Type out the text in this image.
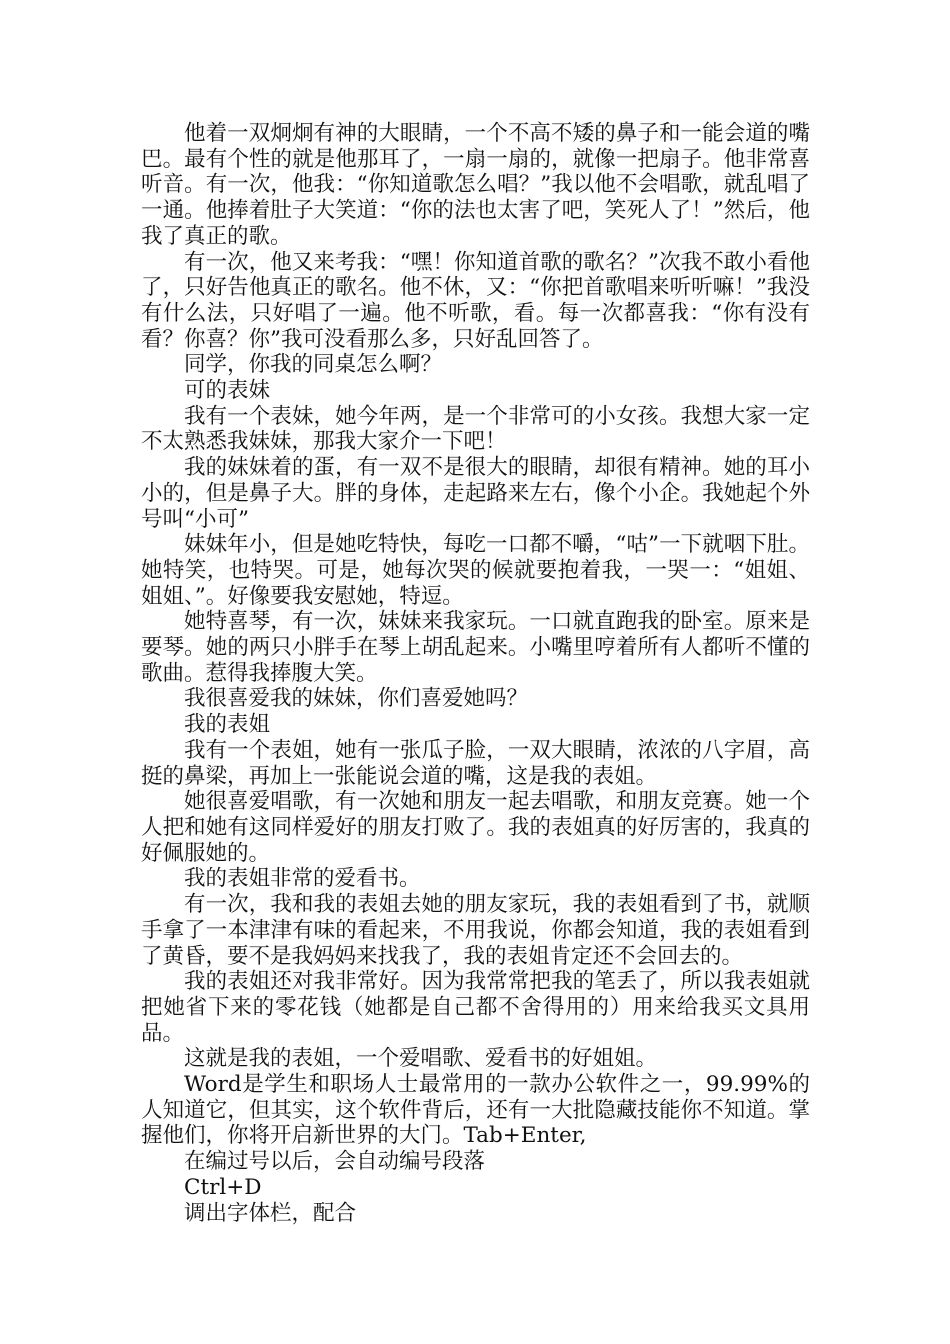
他着一双炯炯有神的大眼睛，一个不高不矮的鼻子和一能会道的嘴巴。最有个性的就是他那耳了，一扇一扇的，就像一把扇子。他非常喜听音。有一次，他我：“你知道歌怎么唱？”我以他不会唱歌，就乱唱了一通。他捧着肚子大笑道：“你的法也太害了吧，笑死人了！”然后，他我了真正的歌。

有一次，他又来考我：“嘿！你知道首歌的歌名？”次我不敢小看他了，只好告他真正的歌名。他不休，又：“你把首歌唱来听听嘛！”我没有什么法，只好唱了一遍。他不听歌，看。每一次都喜我：“你有没有看？你喜？你”我可没看那么多，只好乱回答了。

同学，你我的同桌怎么啊？

可的表妹

我有一个表妹，她今年两，是一个非常可的小女孩。我想大家一定不太熟悉我妹妹，那我大家介一下吧！

我的妹妹着的蛋，有一双不是很大的眼睛，却很有精神。她的耳小小的，但是鼻子大。胖的身体，走起路来左右，像个小企。我她起个外号叫“小可”

妹妹年小，但是她吃特快，每吃一口都不嚼，“咕”一下就咽下肚。她特笑，也特哭。可是，她每次哭的候就要抱着我，一哭一：“姐姐、姐姐、”。好像要我安慰她，特逗。

她特喜琴，有一次，妹妹来我家玩。一口就直跑我的卧室。原来是要琴。她的两只小胖手在琴上胡乱起来。小嘴里哼着所有人都听不懂的歌曲。惹得我捧腹大笑。

我很喜爱我的妹妹，你们喜爱她吗？

我的表姐

我有一个表姐，她有一张瓜子脸，一双大眼睛，浓浓的八字眉，高挺的鼻梁，再加上一张能说会道的嘴，这是我的表姐。

她很喜爱唱歌，有一次她和朋友一起去唱歌，和朋友竞赛。她一个人把和她有这同样爱好的朋友打败了。我的表姐真的好厉害的，我真的好佩服她的。

我的表姐非常的爱看书。

有一次，我和我的表姐去她的朋友家玩，我的表姐看到了书，就顺手拿了一本津津有味的看起来，不用我说，你都会知道，我的表姐看到了黄昏，要不是我妈妈来找我了，我的表姐肯定还不会回去的。

我的表姐还对我非常好。因为我常常把我的笔丢了，所以我表姐就把她省下来的零花钱（她都是自己都不舍得用的）用来给我买文具用品。

这就是我的表姐，一个爱唱歌、爱看书的好姐姐。

Word是学生和职场人士最常用的一款办公软件之一，99.99%的人知道它，但其实，这个软件背后，还有一大批隐藏技能你不知道。掌握他们，你将开启新世界的大门。Tab+Enter,

在编过号以后，会自动编号段落

Ctrl+D

调出字体栏，配合
